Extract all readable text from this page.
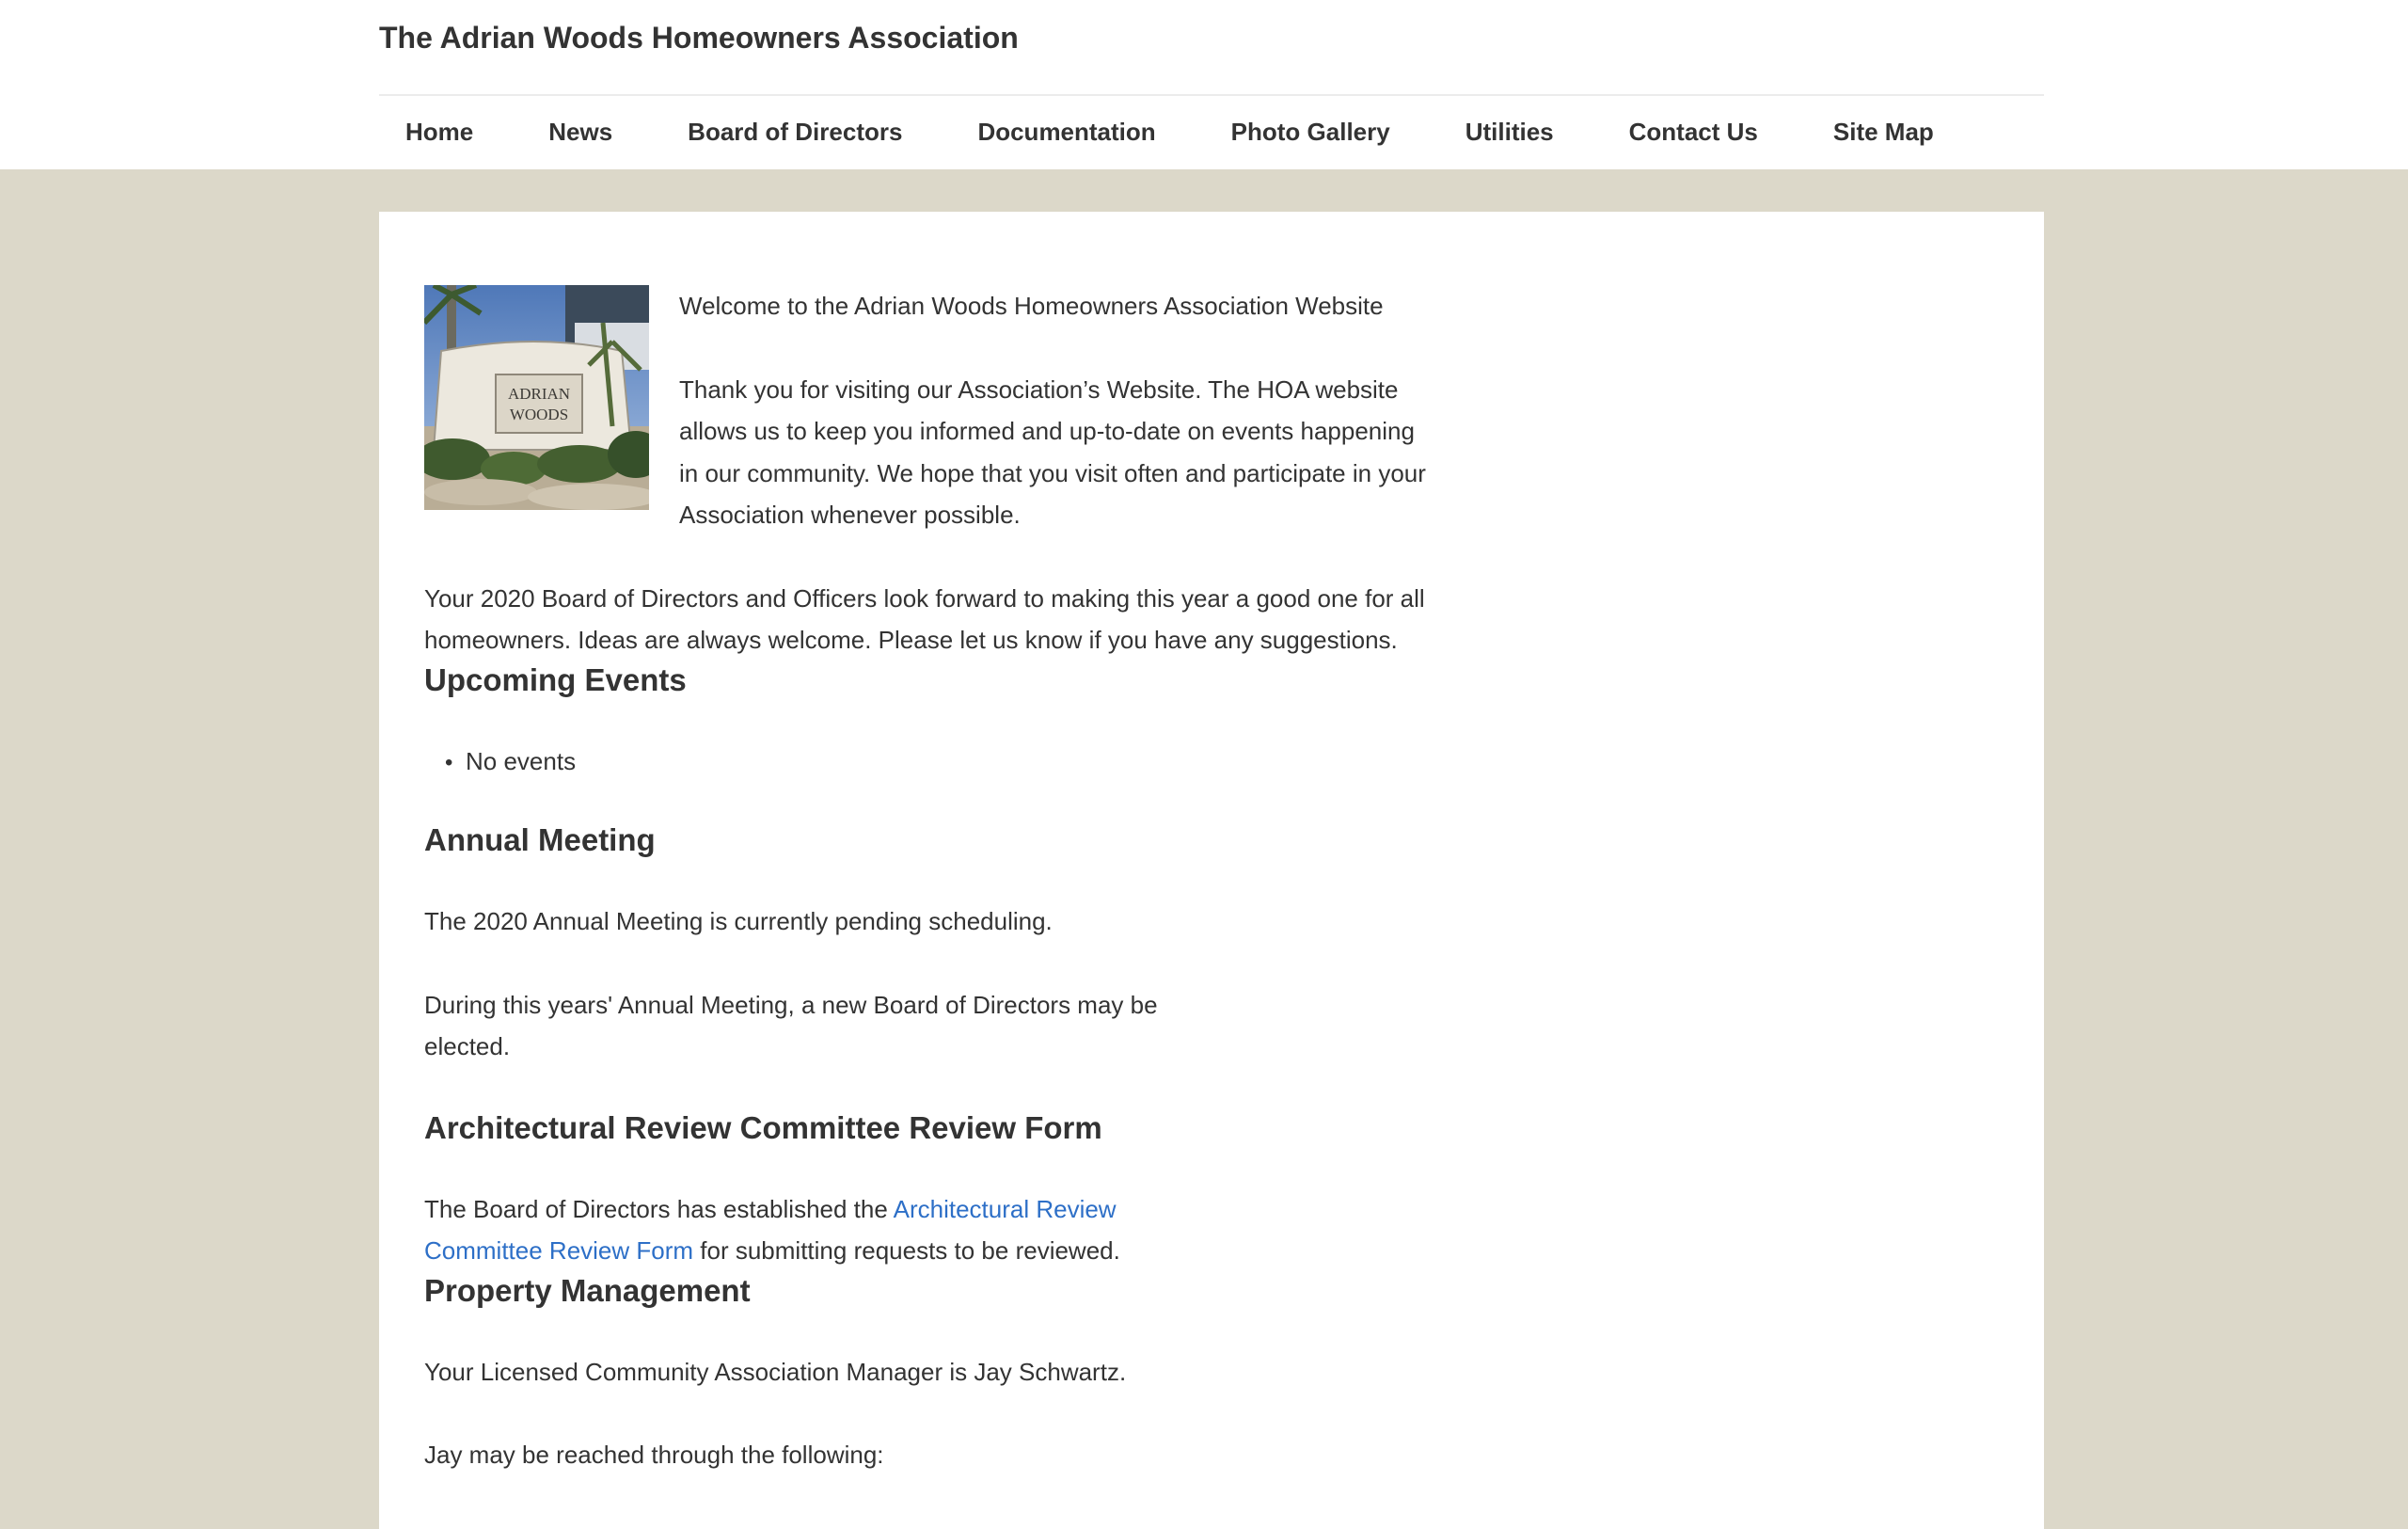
The Adrian Woods Homeowners Association
Home	News	Board of Directors	Documentation	Photo Gallery	Utilities	Contact Us	Site Map
ADRIAN
WOODS

Welcome to the Adrian Woods Homeowners Association Website

Thank you for visiting our Association’s Website. The HOA website allows us to keep you informed and up-to-date on events happening in our community. We hope that you visit often and participate in your Association whenever possible.

Your 2020 Board of Directors and Officers look forward to making this year a good one for all homeowners. Ideas are always welcome. Please let us know if you have any suggestions.

Upcoming Events
• No events
Annual Meeting

The 2020 Annual Meeting is currently pending scheduling.

During this years' Annual Meeting, a new Board of Directors may be elected.

Architectural Review Committee Review Form

The Board of Directors has established the Architectural Review Committee Review Form for submitting requests to be reviewed.

Property Management

Your Licensed Community Association Manager is Jay Schwartz.

Jay may be reached through the following:
